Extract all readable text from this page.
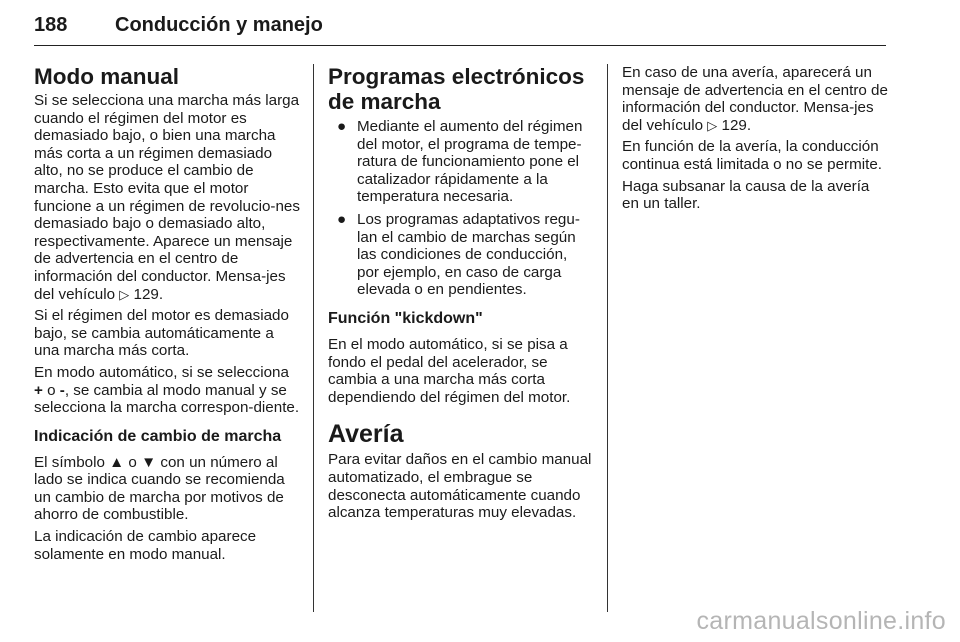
188 Conducción y manejo
Modo manual

Si se selecciona una marcha más larga cuando el régimen del motor es demasiado bajo, o bien una marcha más corta a un régimen demasiado alto, no se produce el cambio de marcha. Esto evita que el motor funcione a un régimen de revolucio-nes demasiado bajo o demasiado alto, respectivamente. Aparece un mensaje de advertencia en el centro de información del conductor. Mensa-jes del vehículo ▷ 129.

Si el régimen del motor es demasiado bajo, se cambia automáticamente a una marcha más corta.

En modo automático, si se selecciona
+ o -, se cambia al modo manual y se selecciona la marcha correspon-diente.

Indicación de cambio de marcha

El símbolo ▲ o ▼ con un número al lado se indica cuando se recomienda un cambio de marcha por motivos de ahorro de combustible.

La indicación de cambio aparece solamente en modo manual.

Programas electrónicos de marcha
● Mediante el aumento del régimen del motor, el programa de tempe-ratura de funcionamiento pone el catalizador rápidamente a la temperatura necesaria.
● Los programas adaptativos regu-lan el cambio de marchas según las condiciones de conducción, por ejemplo, en caso de carga elevada o en pendientes.
Función "kickdown"

En el modo automático, si se pisa a fondo el pedal del acelerador, se cambia a una marcha más corta dependiendo del régimen del motor.

Avería

Para evitar daños en el cambio manual automatizado, el embrague se desconecta automáticamente cuando alcanza temperaturas muy elevadas.

En caso de una avería, aparecerá un mensaje de advertencia en el centro de información del conductor. Mensa-jes del vehículo ▷ 129.

En función de la avería, la conducción continua está limitada o no se permite.

Haga subsanar la causa de la avería en un taller.

carmanualsonline.info
